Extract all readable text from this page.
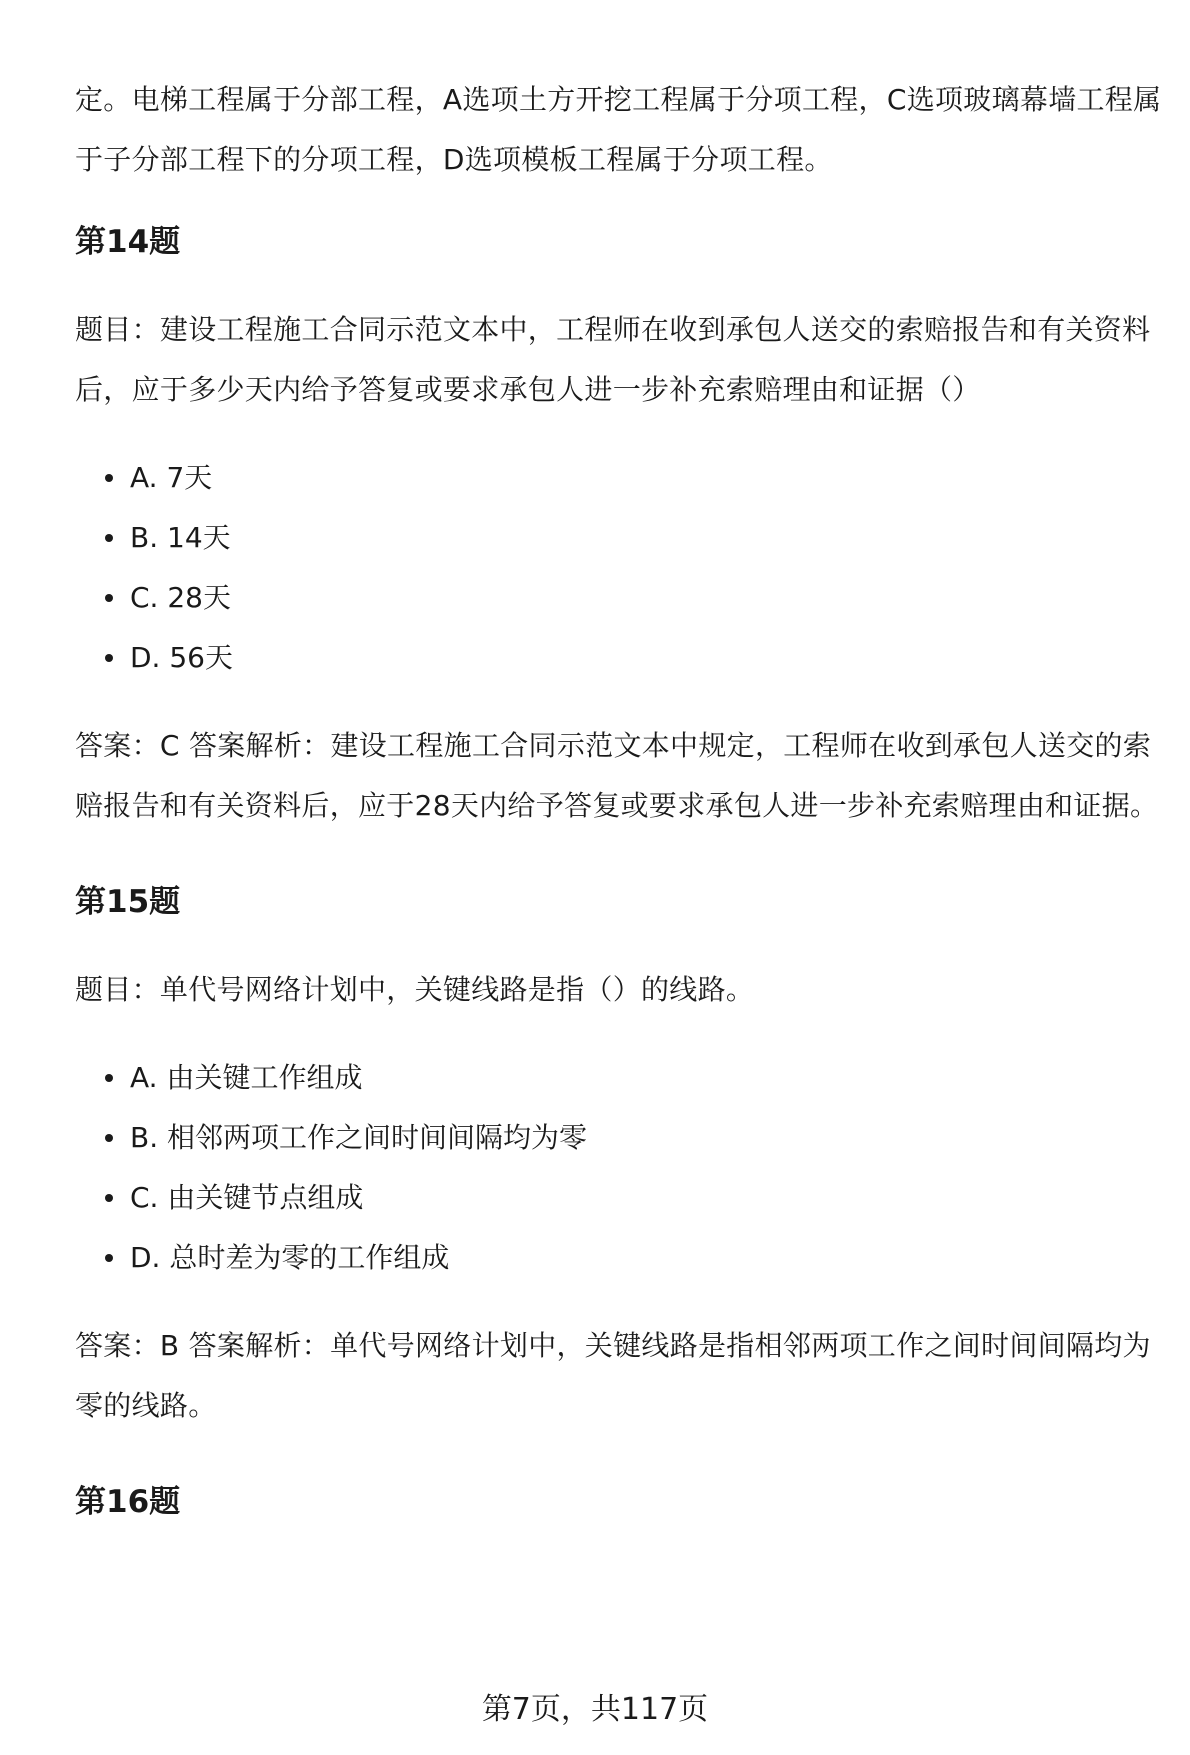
定。电梯工程属于分部工程，A选项土方开挖工程属于分项工程，C选项玻璃幕墙工程属于子分部工程下的分项工程，D选项模板工程属于分项工程。

第14题

题目：建设工程施工合同示范文本中，工程师在收到承包人送交的索赔报告和有关资料后，应于多少天内给予答复或要求承包人进一步补充索赔理由和证据（）

A. 7天
B. 14天
C. 28天
D. 56天

答案：C 答案解析：建设工程施工合同示范文本中规定，工程师在收到承包人送交的索赔报告和有关资料后，应于28天内给予答复或要求承包人进一步补充索赔理由和证据。

第15题

题目：单代号网络计划中，关键线路是指（）的线路。

A. 由关键工作组成
B. 相邻两项工作之间时间间隔均为零
C. 由关键节点组成
D. 总时差为零的工作组成

答案：B 答案解析：单代号网络计划中，关键线路是指相邻两项工作之间时间间隔均为零的线路。

第16题
第7页，共117页
